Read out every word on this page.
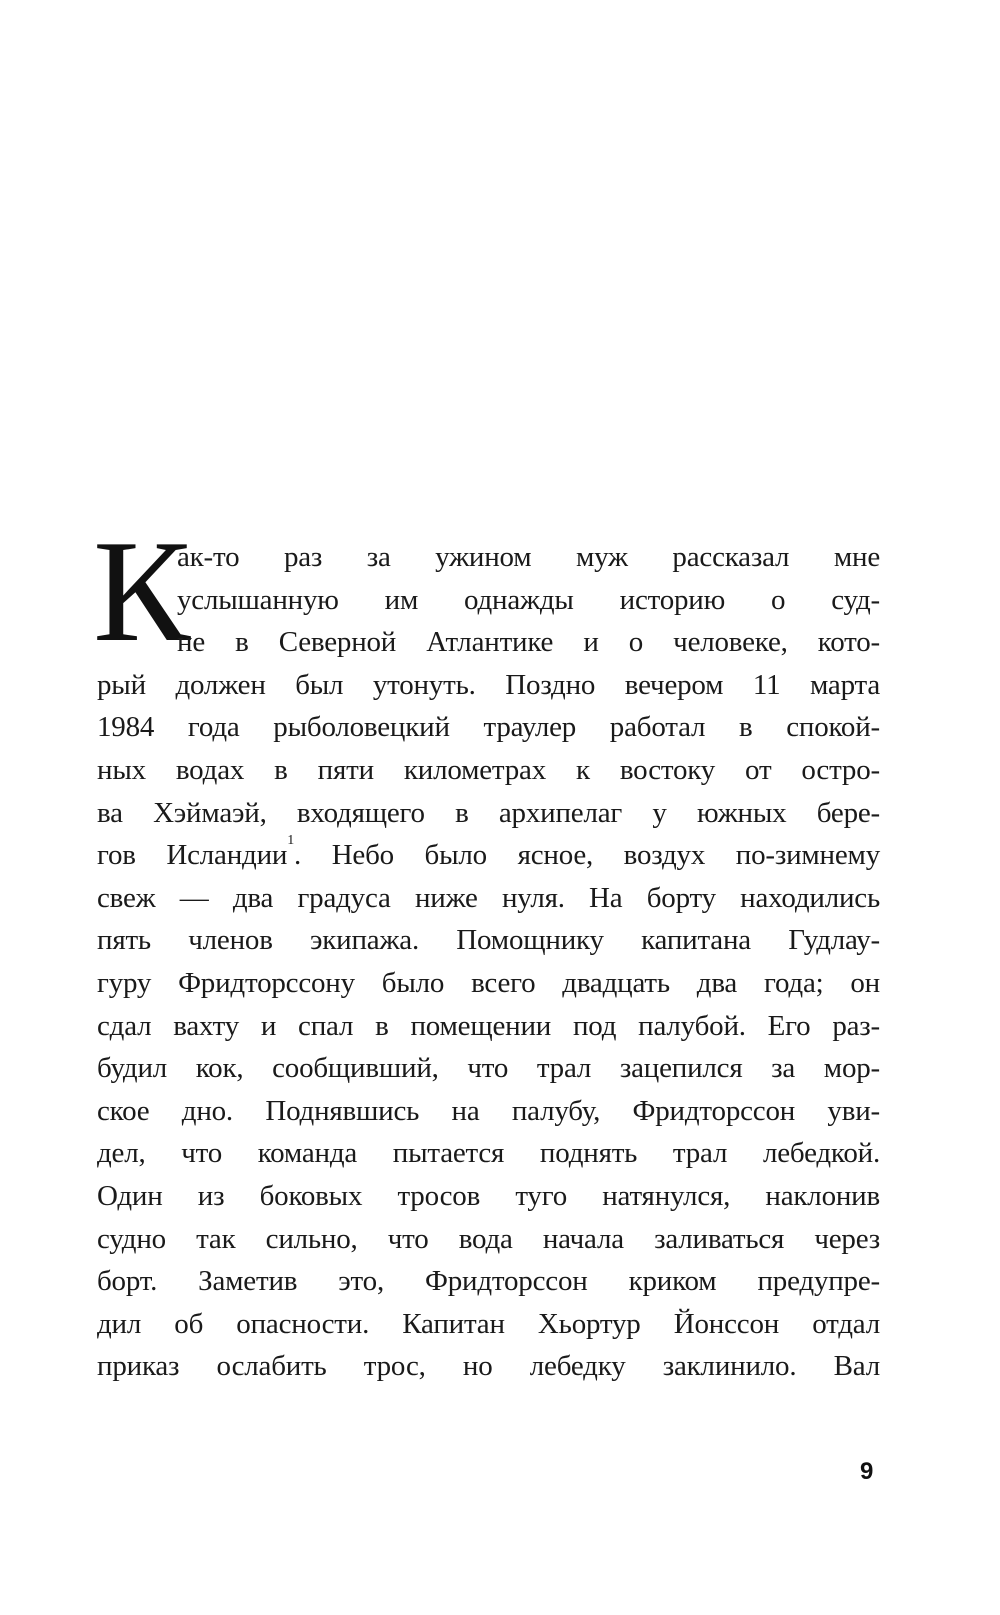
К
ак-то раз за ужином муж рассказал мне
услышанную им однажды историю о суд-
не в Северной Атлантике и о человеке, кото-
рый должен был утонуть. Поздно вечером 11 марта
1984 года рыболовецкий траулер работал в спокой-
ных водах в пяти километрах к востоку от остро-
ва Хэймаэй, входящего в архипелаг у южных бере-
гов Исландии$^1$. Небо было ясное, воздух по-зимнему
свеж — два градуса ниже нуля. На борту находились
пять членов экипажа. Помощнику капитана Гудлау-
гуру Фридторссону было всего двадцать два года; он
сдал вахту и спал в помещении под палубой. Его раз-
будил кок, сообщивший, что трал зацепился за мор-
ское дно. Поднявшись на палубу, Фридторссон уви-
дел, что команда пытается поднять трал лебедкой.
Один из боковых тросов туго натянулся, наклонив
судно так сильно, что вода начала заливаться через
борт. Заметив это, Фридторссон криком предупре-
дил об опасности. Капитан Хьортур Йонссон отдал
приказ ослабить трос, но лебедку заклинило. Вал
9
